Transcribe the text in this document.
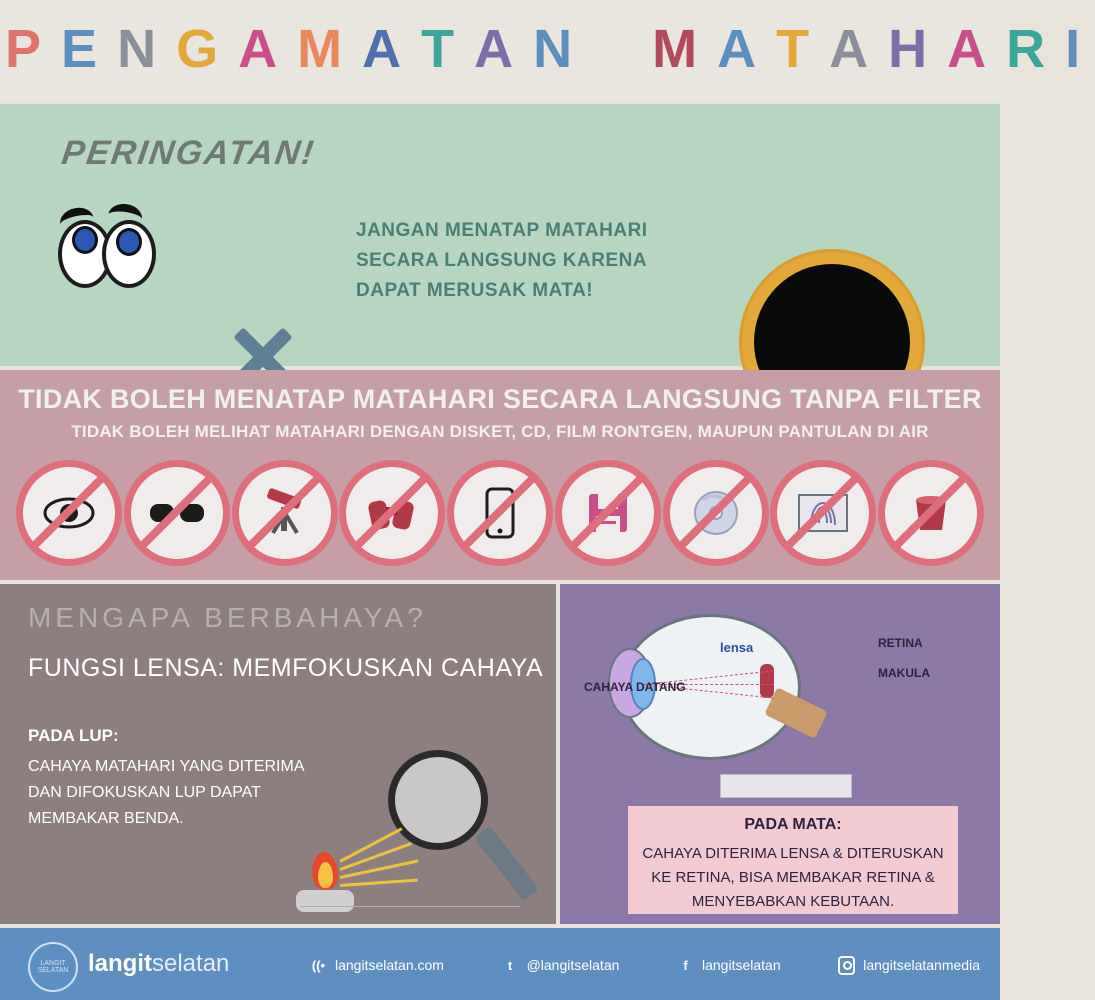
P E N G A M A T A N M A T A H A R I
PERINGATAN!
JANGAN MENATAP MATAHARI SECARA LANGSUNG KARENA DAPAT MERUSAK MATA!
TIDAK BOLEH MENATAP MATAHARI SECARA LANGSUNG TANPA FILTER
TIDAK BOLEH MELIHAT MATAHARI DENGAN DISKET, CD, FILM RONTGEN, MAUPUN PANTULAN DI AIR
MENGAPA BERBAHAYA?
FUNGSI LENSA: MEMFOKUSKAN CAHAYA
PADA LUP:
CAHAYA MATAHARI YANG DITERIMA DAN DIFOKUSKAN LUP DAPAT MEMBAKAR BENDA.
CAHAYA DATANG
lensa	RETINA
MAKULA
PADA MATA:
CAHAYA DITERIMA LENSA & DITERUSKAN KE RETINA, BISA MEMBAKAR RETINA & MENYEBABKAN KEBUTAAN.
LANGIT SELATAN langitselatan	((• langitselatan.com	t	@langitselatan	f	langitselatan	langitselatanmedia
